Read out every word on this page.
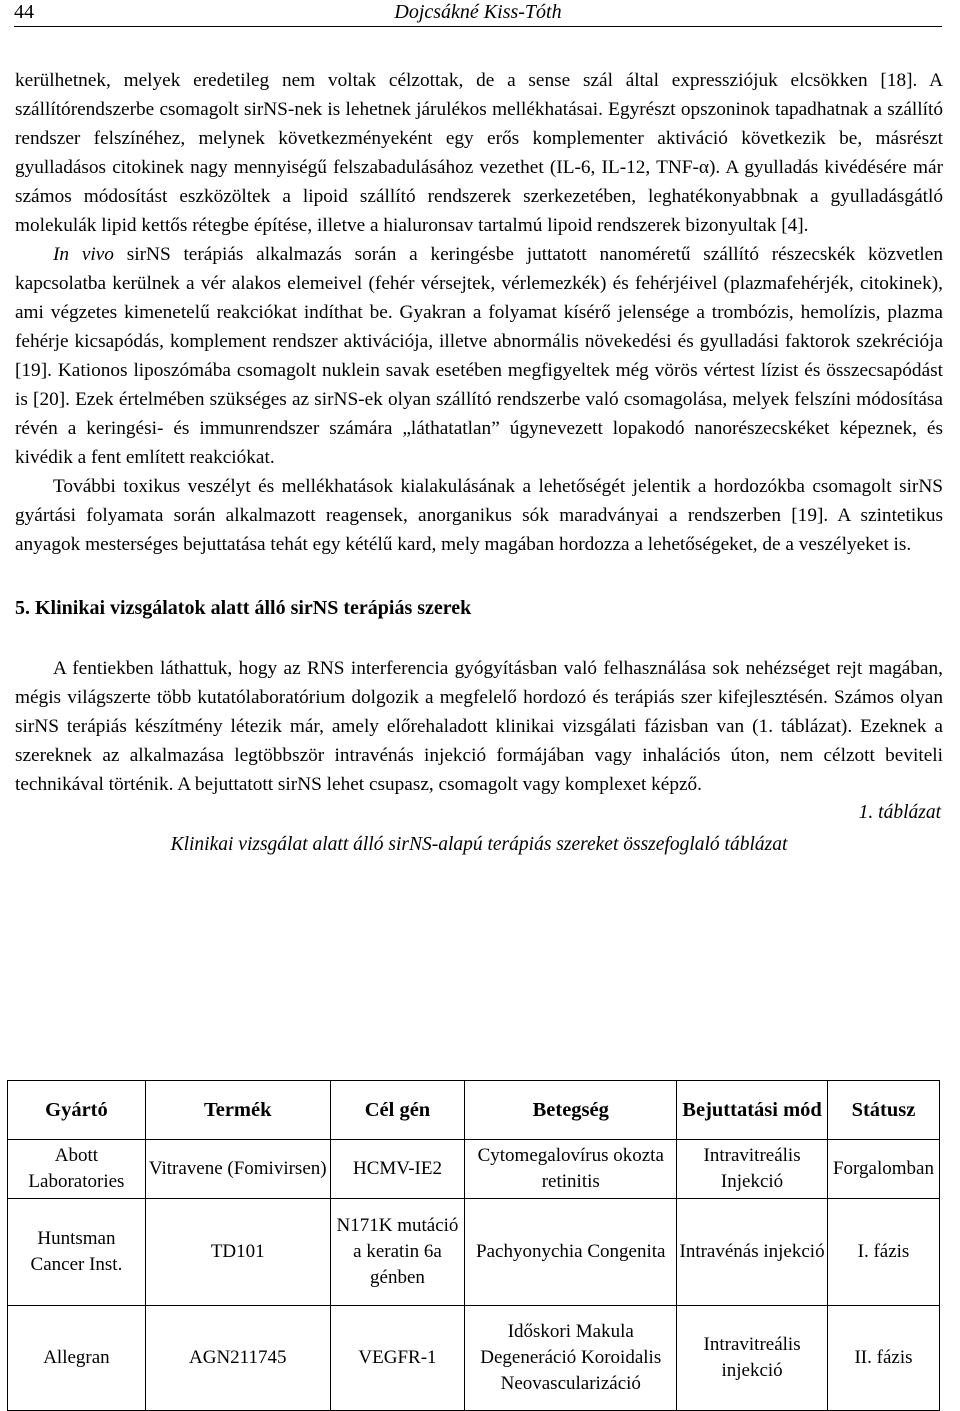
44	Dojcsákné Kiss-Tóth

kerülhetnek, melyek eredetileg nem voltak célzottak, de a sense szál által expressziójuk elcsökken [18]. A szállítórendszerbe csomagolt sirNS-nek is lehetnek járulékos mellékhatásai. Egyrészt opszoninok tapadhatnak a szállító rendszer felszínéhez, melynek következményeként egy erős komplementer aktiváció következik be, másrészt gyulladásos citokinek nagy mennyiségű felszabadulásához vezethet (IL-6, IL-12, TNF-α). A gyulladás kivédésére már számos módosítást eszközöltek a lipoid szállító rendszerek szerkezetében, leghatékonyabbnak a gyulladásgátló molekulák lipid kettős rétegbe építése, illetve a hialuronsav tartalmú lipoid rendszerek bizonyultak [4].

In vivo sirNS terápiás alkalmazás során a keringésbe juttatott nanoméretű szállító részecskék közvetlen kapcsolatba kerülnek a vér alakos elemeivel (fehér vérsejtek, vérlemezkék) és fehérjéivel (plazmafehérjék, citokinek), ami végzetes kimenetelű reakciókat indíthat be. Gyakran a folyamat kísérő jelensége a trombózis, hemolízis, plazma fehérje kicsapódás, komplement rendszer aktivációja, illetve abnormális növekedési és gyulladási faktorok szekréciója [19]. Kationos liposzómába csomagolt nuklein savak esetében megfigyeltek még vörös vértest lízist és összecsapódást is [20]. Ezek értelmében szükséges az sirNS-ek olyan szállító rendszerbe való csomagolása, melyek felszíni módosítása révén a keringési- és immunrendszer számára „láthatatlan” úgynevezett lopakodó nanorészecskéket képeznek, és kivédik a fent említett reakciókat.

További toxikus veszélyt és mellékhatások kialakulásának a lehetőségét jelentik a hordozókba csomagolt sirNS gyártási folyamata során alkalmazott reagensek, anorganikus sók maradványai a rendszerben [19]. A szintetikus anyagok mesterséges bejuttatása tehát egy kétélű kard, mely magában hordozza a lehetőségeket, de a veszélyeket is.

5. Klinikai vizsgálatok alatt álló sirNS terápiás szerek

A fentiekben láthattuk, hogy az RNS interferencia gyógyításban való felhasználása sok nehézséget rejt magában, mégis világszerte több kutatólaboratórium dolgozik a megfelelő hordozó és terápiás szer kifejlesztésén. Számos olyan sirNS terápiás készítmény létezik már, amely előrehaladott klinikai vizsgálati fázisban van (1. táblázat). Ezeknek a szereknek az alkalmazása legtöbbször intravénás injekció formájában vagy inhalációs úton, nem célzott beviteli technikával történik. A bejuttatott sirNS lehet csupasz, csomagolt vagy komplexet képző.

1. táblázat

Klinikai vizsgálat alatt álló sirNS-alapú terápiás szereket összefoglaló táblázat

Gyártó	Termék	Cél gén	Betegség	Bejuttatási mód	Státusz
Abott Laboratories	Vitravene (Fomivirsen)	HCMV-IE2	Cytomegalovírus okozta retinitis	Intravitreális Injekció	Forgalomban
Huntsman Cancer Inst.	TD101	N171K mutáció a keratin 6a génben	Pachyonychia Congenita	Intravénás injekció	I. fázis
Allegran	AGN211745	VEGFR-1	Időskori Makula Degeneráció Koroidalis Neovascularizáció	Intravitreális injekció	II. fázis
